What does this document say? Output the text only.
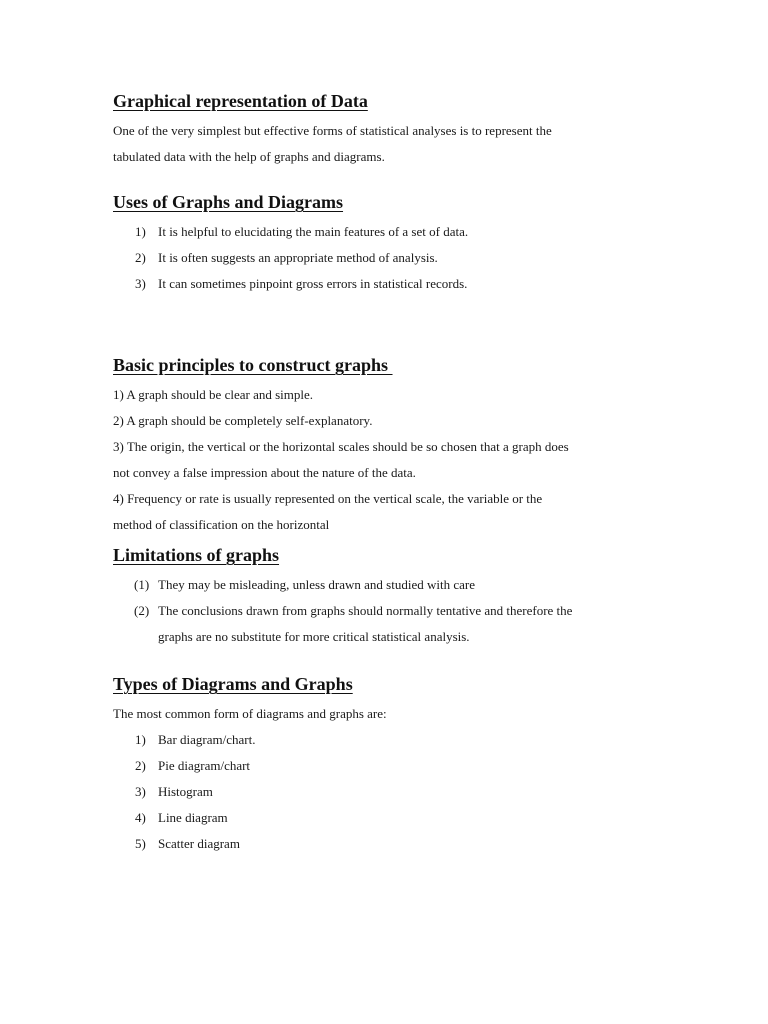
Graphical representation of Data

One of the very simplest but effective forms of statistical analyses is to represent the

tabulated data with the help of graphs and diagrams.

Uses of Graphs and Diagrams
1) It is helpful to elucidating the main features of a set of data.
2) It is often suggests an appropriate method of analysis.
3) It can sometimes pinpoint gross errors in statistical records.
Basic principles to construct graphs

1) A graph should be clear and simple.

2) A graph should be completely self-explanatory.

3) The origin, the vertical or the horizontal scales should be so chosen that a graph does

not convey a false impression about the nature of the data.

4) Frequency or rate is usually represented on the vertical scale, the variable or the

method of classification on the horizontal

Limitations of graphs
(1) They may be misleading, unless drawn and studied with care
(2) The conclusions drawn from graphs should normally tentative and therefore the
graphs are no substitute for more critical statistical analysis.
Types of Diagrams and Graphs

The most common form of diagrams and graphs are:

1) Bar diagram/chart.
2) Pie diagram/chart
3) Histogram
4) Line diagram
5) Scatter diagram
